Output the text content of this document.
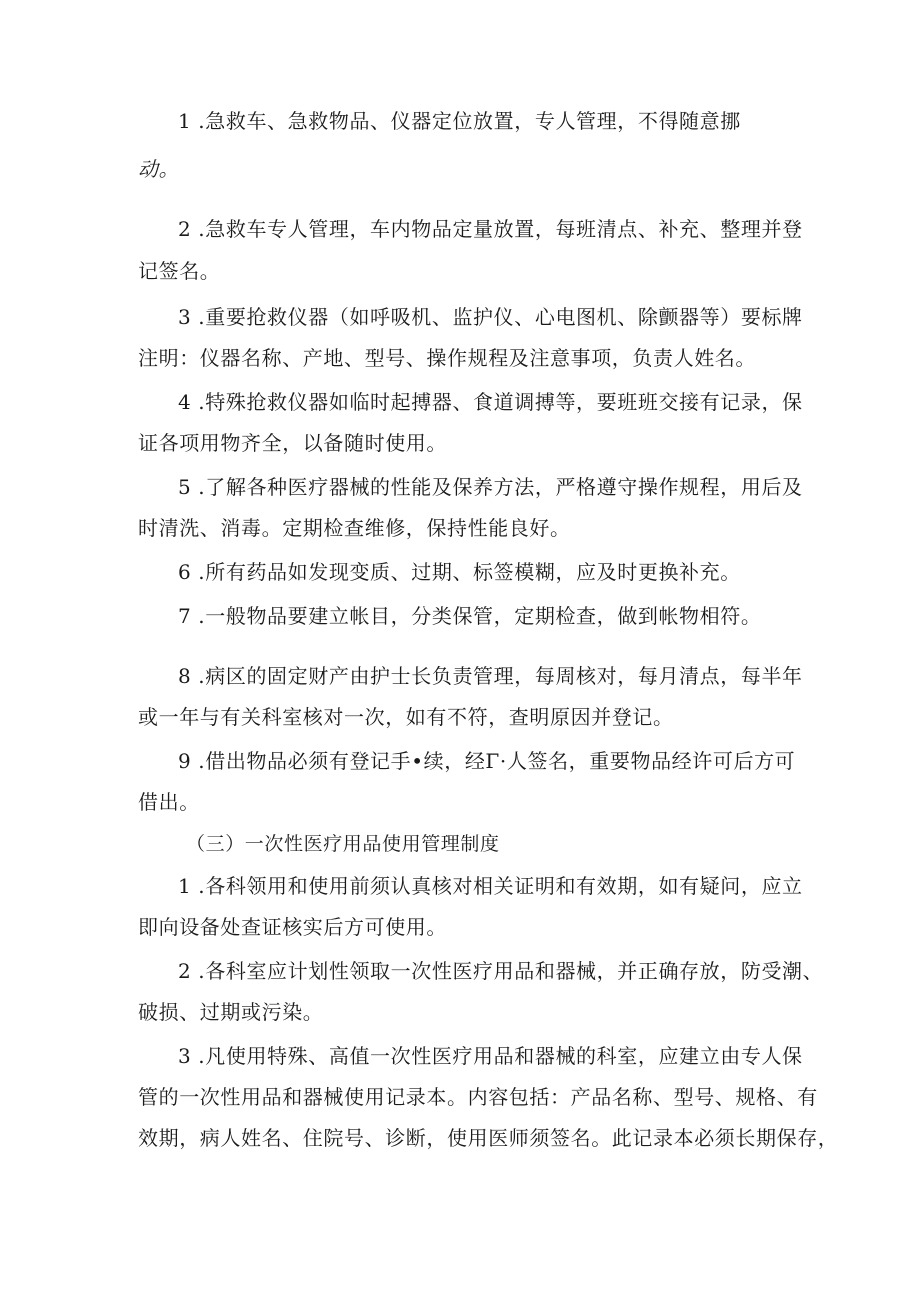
1 .急救车、急救物品、仪器定位放置，专人管理，不得随意挪
动。
2 .急救车专人管理，车内物品定量放置，每班清点、补充、整理并登
记签名。
3 .重要抢救仪器（如呼吸机、监护仪、心电图机、除颤器等）要标牌
注明：仪器名称、产地、型号、操作规程及注意事项，负责人姓名。
4 .特殊抢救仪器如临时起搏器、食道调搏等，要班班交接有记录，保
证各项用物齐全，以备随时使用。
5 .了解各种医疗器械的性能及保养方法，严格遵守操作规程，用后及
时清洗、消毒。定期检查维修，保持性能良好。
6 .所有药品如发现变质、过期、标签模糊，应及时更换补充。
7 .一般物品要建立帐目，分类保管，定期检查，做到帐物相符。
8 .病区的固定财产由护士长负责管理，每周核对，每月清点，每半年
或一年与有关科室核对一次，如有不符，查明原因并登记。
9 .借出物品必须有登记手•续，经Γ·人签名，重要物品经许可后方可
借出。
（三）一次性医疗用品使用管理制度
1 .各科领用和使用前须认真核对相关证明和有效期，如有疑问，应立
即向设备处查证核实后方可使用。
2 .各科室应计划性领取一次性医疗用品和器械，并正确存放，防受潮、
破损、过期或污染。
3 .凡使用特殊、高值一次性医疗用品和器械的科室，应建立由专人保
管的一次性用品和器械使用记录本。内容包括：产品名称、型号、规格、有
效期，病人姓名、住院号、诊断，使用医师须签名。此记录本必须长期保存，
